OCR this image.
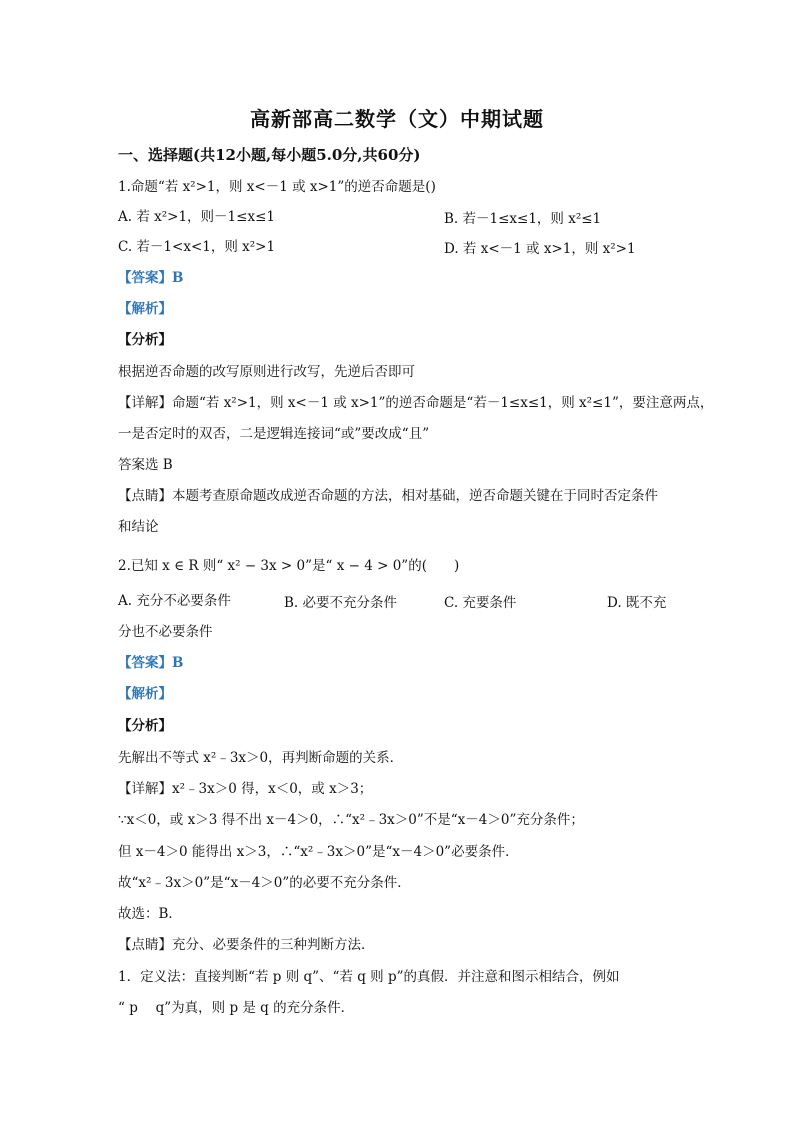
高新部高二数学（文）中期试题
一、选择题(共12小题,每小题5.0分,共60分)
1.命题“若 x²>1，则 x<－1 或 x>1”的逆否命题是()
A. 若 x²>1，则－1≤x≤1	B. 若－1≤x≤1，则 x²≤1
C. 若－1<x<1，则 x²>1	D. 若 x<－1 或 x>1，则 x²>1
【答案】B
【解析】
【分析】
根据逆否命题的改写原则进行改写，先逆后否即可
【详解】命题“若 x²>1，则 x<－1 或 x>1”的逆否命题是“若－1≤x≤1，则 x²≤1”，要注意两点，
一是否定时的双否，二是逻辑连接词“或”要改成“且”
答案选 B
【点睛】本题考查原命题改成逆否命题的方法，相对基础，逆否命题关键在于同时否定条件
和结论
2.已知 x ∈ R 则“ x² − 3x > 0”是“ x − 4 > 0”的(　　)
A. 充分不必要条件	B. 必要不充分条件	C. 充要条件	D. 既不充
分也不必要条件
【答案】B
【解析】
【分析】
先解出不等式 x²﹣3x＞0，再判断命题的关系．
【详解】x²﹣3x＞0 得，x＜0，或 x＞3；
∵x＜0，或 x＞3 得不出 x－4＞0，∴“x²﹣3x＞0”不是“x－4＞0”充分条件；
但 x－4＞0 能得出 x＞3，∴“x²﹣3x＞0”是“x－4＞0”必要条件．
故“x²﹣3x＞0”是“x－4＞0”的必要不充分条件．
故选：B．
【点睛】充分、必要条件的三种判断方法．
1．定义法：直接判断“若 p 则 q”、“若 q 则 p”的真假．并注意和图示相结合，例如
“ p　 q”为真，则 p 是 q 的充分条件．
